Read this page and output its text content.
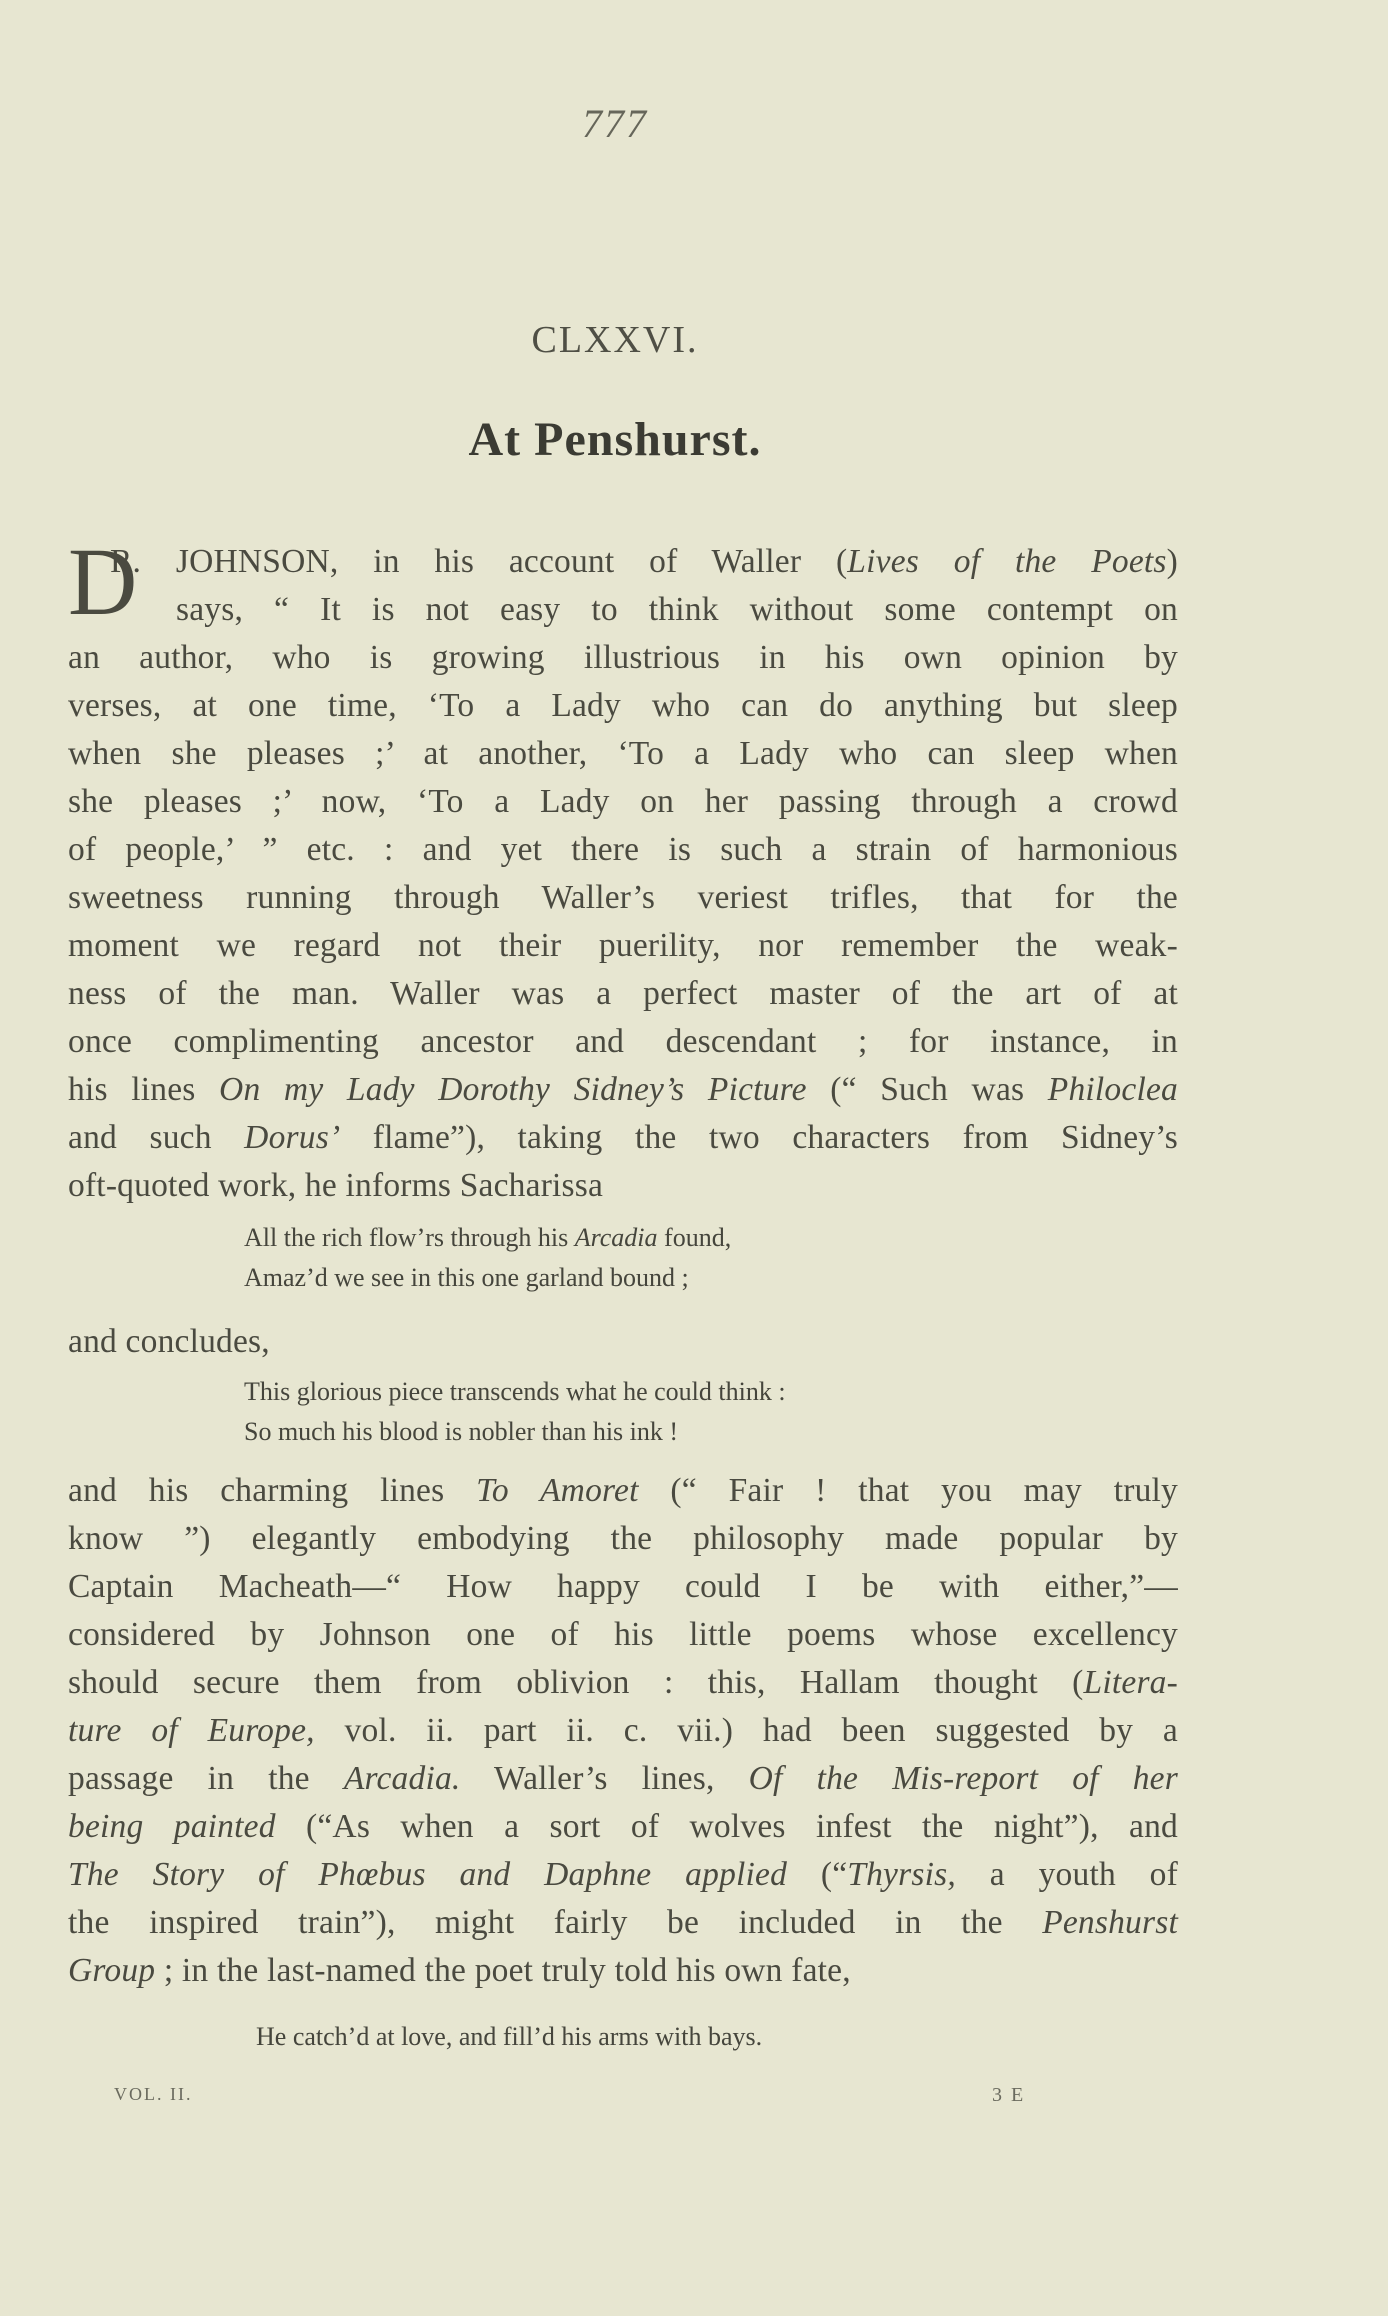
777
CLXXVI.
At Penshurst.
D
R. JOHNSON, in his account of Waller (Lives of the Poets)
says, “ It is not easy to think without some contempt on
an author, who is growing illustrious in his own opinion by
verses, at one time, ‘To a Lady who can do anything but sleep
when she pleases ;’ at another, ‘To a Lady who can sleep when
she pleases ;’ now, ‘To a Lady on her passing through a crowd
of people,’ ” etc. : and yet there is such a strain of harmonious
sweetness running through Waller’s veriest trifles, that for the
moment we regard not their puerility, nor remember the weak-
ness of the man. Waller was a perfect master of the art of at
once complimenting ancestor and descendant ; for instance, in
his lines On my Lady Dorothy Sidney’s Picture (“ Such was Philoclea
and such Dorus’ flame”), taking the two characters from Sidney’s
oft-quoted work, he informs Sacharissa
All the rich flow’rs through his Arcadia found,
Amaz’d we see in this one garland bound ;
and concludes,
This glorious piece transcends what he could think :
So much his blood is nobler than his ink !
and his charming lines To Amoret (“ Fair ! that you may truly
know ”) elegantly embodying the philosophy made popular by
Captain Macheath—“ How happy could I be with either,”—
considered by Johnson one of his little poems whose excellency
should secure them from oblivion : this, Hallam thought (Litera-
ture of Europe, vol. ii. part ii. c. vii.) had been suggested by a
passage in the Arcadia. Waller’s lines, Of the Mis-report of her
being painted (“As when a sort of wolves infest the night”), and
The Story of Phœbus and Daphne applied (“Thyrsis, a youth of
the inspired train”), might fairly be included in the Penshurst
Group ; in the last-named the poet truly told his own fate,
He catch’d at love, and fill’d his arms with bays.
VOL. II.	3 E
